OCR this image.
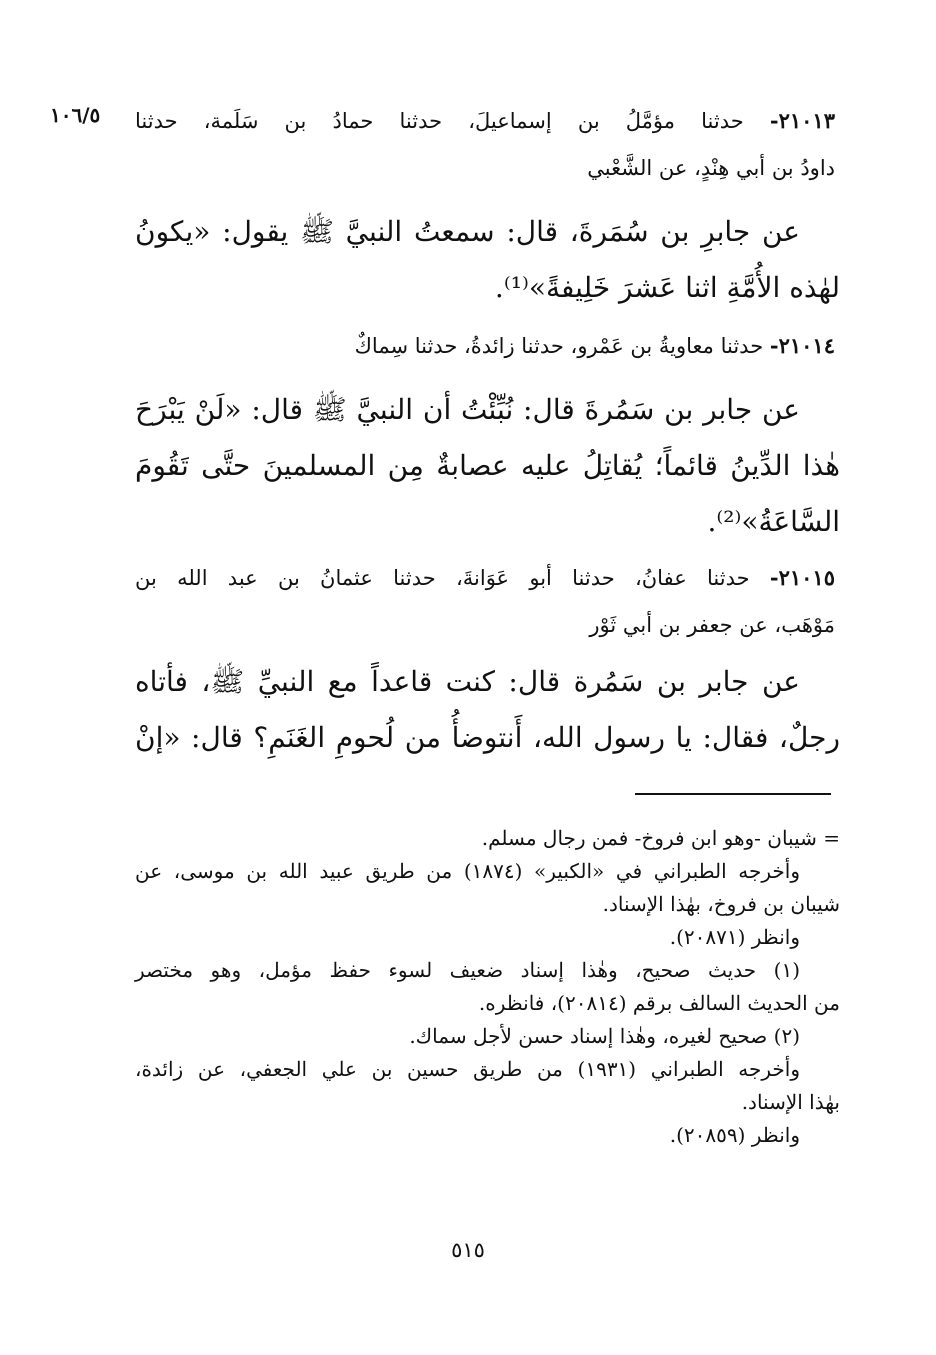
١٠٦/٥	٢١٠١٣- حدثنا مؤمَّلُ بن إسماعيلَ، حدثنا حمادُ بن سَلَمة، حدثنا
داودُ بن أبي هِنْدٍ، عن الشَّعْبي
عن جابرِ بن سُمَرةَ، قال: سمعتُ النبيَّ ﷺ يقول: «يكونُ
لهٰذه الأُمَّةِ اثنا عَشرَ خَلِيفةً»⁽¹⁾.
٢١٠١٤- حدثنا معاويةُ بن عَمْرو، حدثنا زائدةُ، حدثنا سِماكٌ
عن جابر بن سَمُرةَ قال: نُبِّئْتُ أن النبيَّ ﷺ قال: «لَنْ يَبْرَحَ
هٰذا الدِّينُ قائماً؛ يُقاتِلُ عليه عصابةٌ مِن المسلمينَ حتَّى تَقُومَ
السَّاعَةُ»⁽²⁾.
٢١٠١٥- حدثنا عفانُ، حدثنا أبو عَوَانةَ، حدثنا عثمانُ بن عبد الله بن
مَوْهَب، عن جعفر بن أبي ثَوْر
عن جابر بن سَمُرة قال: كنت قاعداً مع النبيِّ ﷺ، فأتاه
رجلٌ، فقال: يا رسول الله، أَنتوضأُ من لُحومِ الغَنَمِ؟ قال: «إنْ
= شيبان -وهو ابن فروخ- فمن رجال مسلم.
وأخرجه الطبراني في «الكبير» (١٨٧٤) من طريق عبيد الله بن موسى، عن
شيبان بن فروخ، بهٰذا الإسناد.
وانظر (٢٠٨٧١).
(١) حديث صحيح، وهٰذا إسناد ضعيف لسوء حفظ مؤمل، وهو مختصر
من الحديث السالف برقم (٢٠٨١٤)، فانظره.
(٢) صحيح لغيره، وهٰذا إسناد حسن لأجل سماك.
وأخرجه الطبراني (١٩٣١) من طريق حسين بن علي الجعفي، عن زائدة،
بهٰذا الإسناد.
وانظر (٢٠٨٥٩).
٥١٥
